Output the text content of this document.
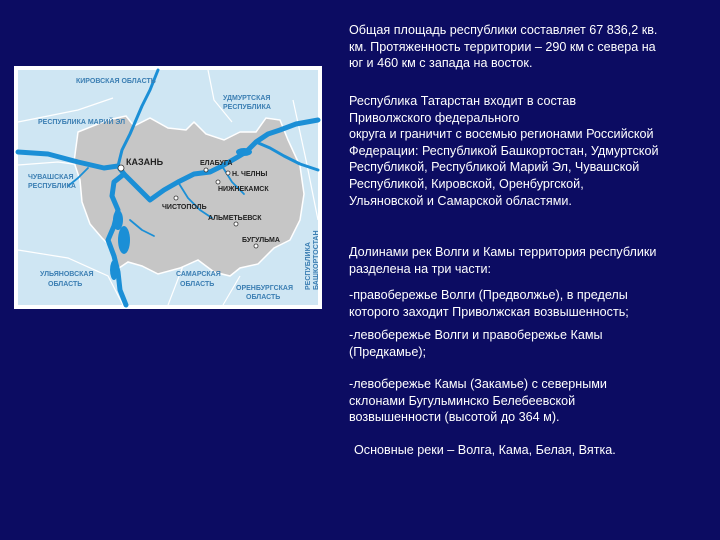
КИРОВСКАЯ ОБЛАСТЬ
УДМУРТСКАЯ
РЕСПУБЛИКА
РЕСПУБЛИКА МАРИЙ ЭЛ
ЧУВАШСКАЯ
РЕСПУБЛИКА
РЕСПУБЛИКА БАШКОРТОСТАН
УЛЬЯНОВСКАЯ
ОБЛАСТЬ
САМАРСКАЯ
ОБЛАСТЬ
ОРЕНБУРГСКАЯ
ОБЛАСТЬ
КАЗАНЬ	ЕЛАБУГА
Н. ЧЕЛНЫ
НИЖНЕКАМСК
ЧИСТОПОЛЬ
АЛЬМЕТЬЕВСК
БУГУЛЬМА

Общая площадь республики составляет 67 836,2 кв.
км. Протяженность территории – 290 км с севера на
юг и 460 км с запада на восток.

Республика Татарстан входит в состав
Приволжского федерального
округа и граничит с восемью регионами Российской
Федерации: Республикой Башкортостан, Удмуртской
Республикой, Республикой Марий Эл, Чувашской
Республикой, Кировской, Оренбургской,
Ульяновской и Самарской областями.

Долинами рек Волги и Камы территория республики
разделена на три части:

-правобережье Волги (Предволжье), в пределы
которого заходит Приволжская возвышенность;

-левобережье Волги и правобережье Камы
(Предкамье);

-левобережье Камы (Закамье) с северными
склонами Бугульминско Белебеевской
возвышенности (высотой до 364 м).

Основные реки – Волга, Кама, Белая, Вятка.
